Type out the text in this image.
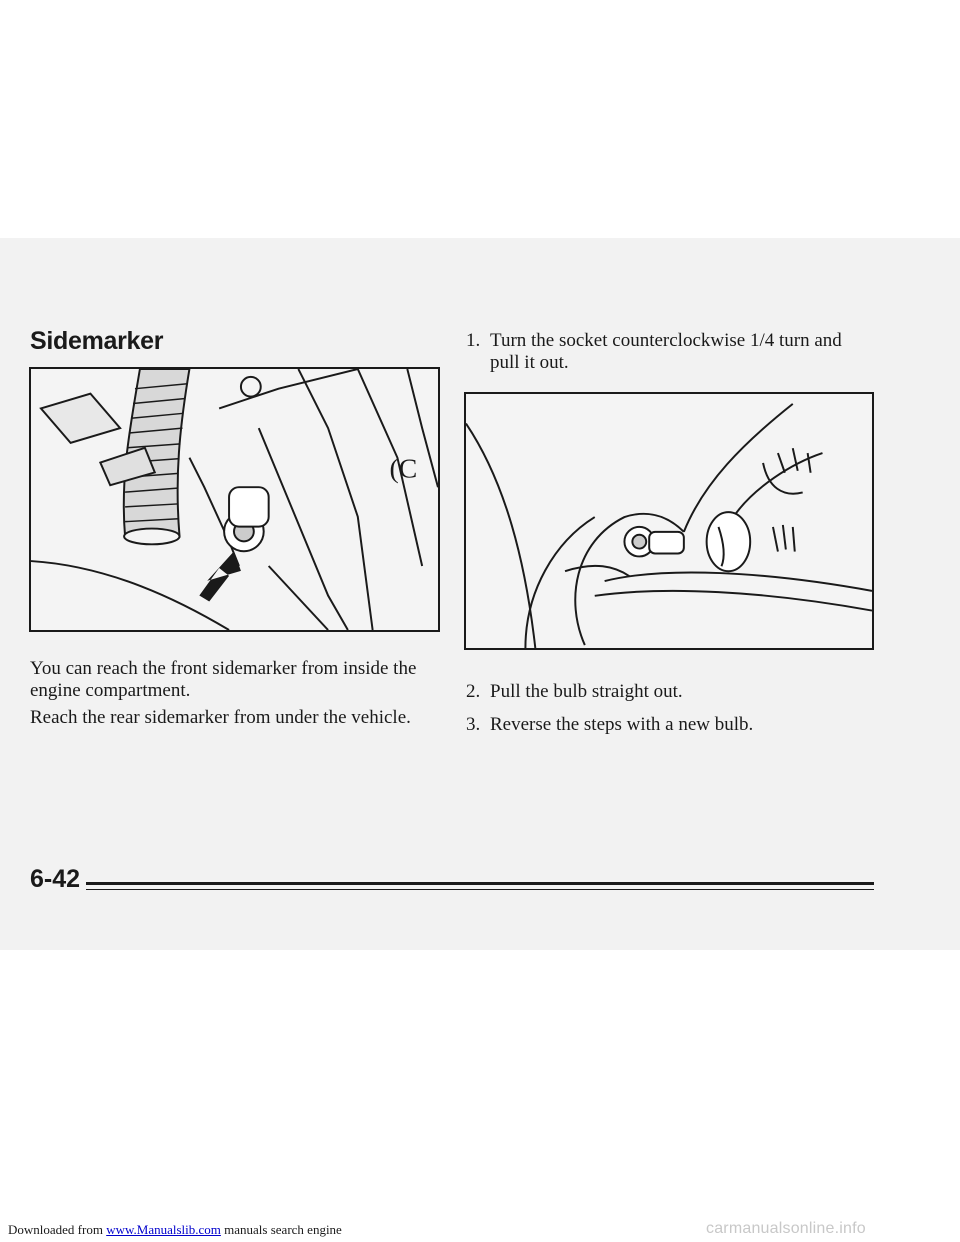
Sidemarker
(C

You can reach the front sidemarker from inside the engine compartment.

Reach the rear sidemarker from under the vehicle.

1. Turn the socket counterclockwise 1/4 turn and pull it out.
2. Pull the bulb straight out.
3. Reverse the steps with a new bulb.
6-42
Downloaded from www.Manualslib.com manuals search engine	carmanualsonline.info
